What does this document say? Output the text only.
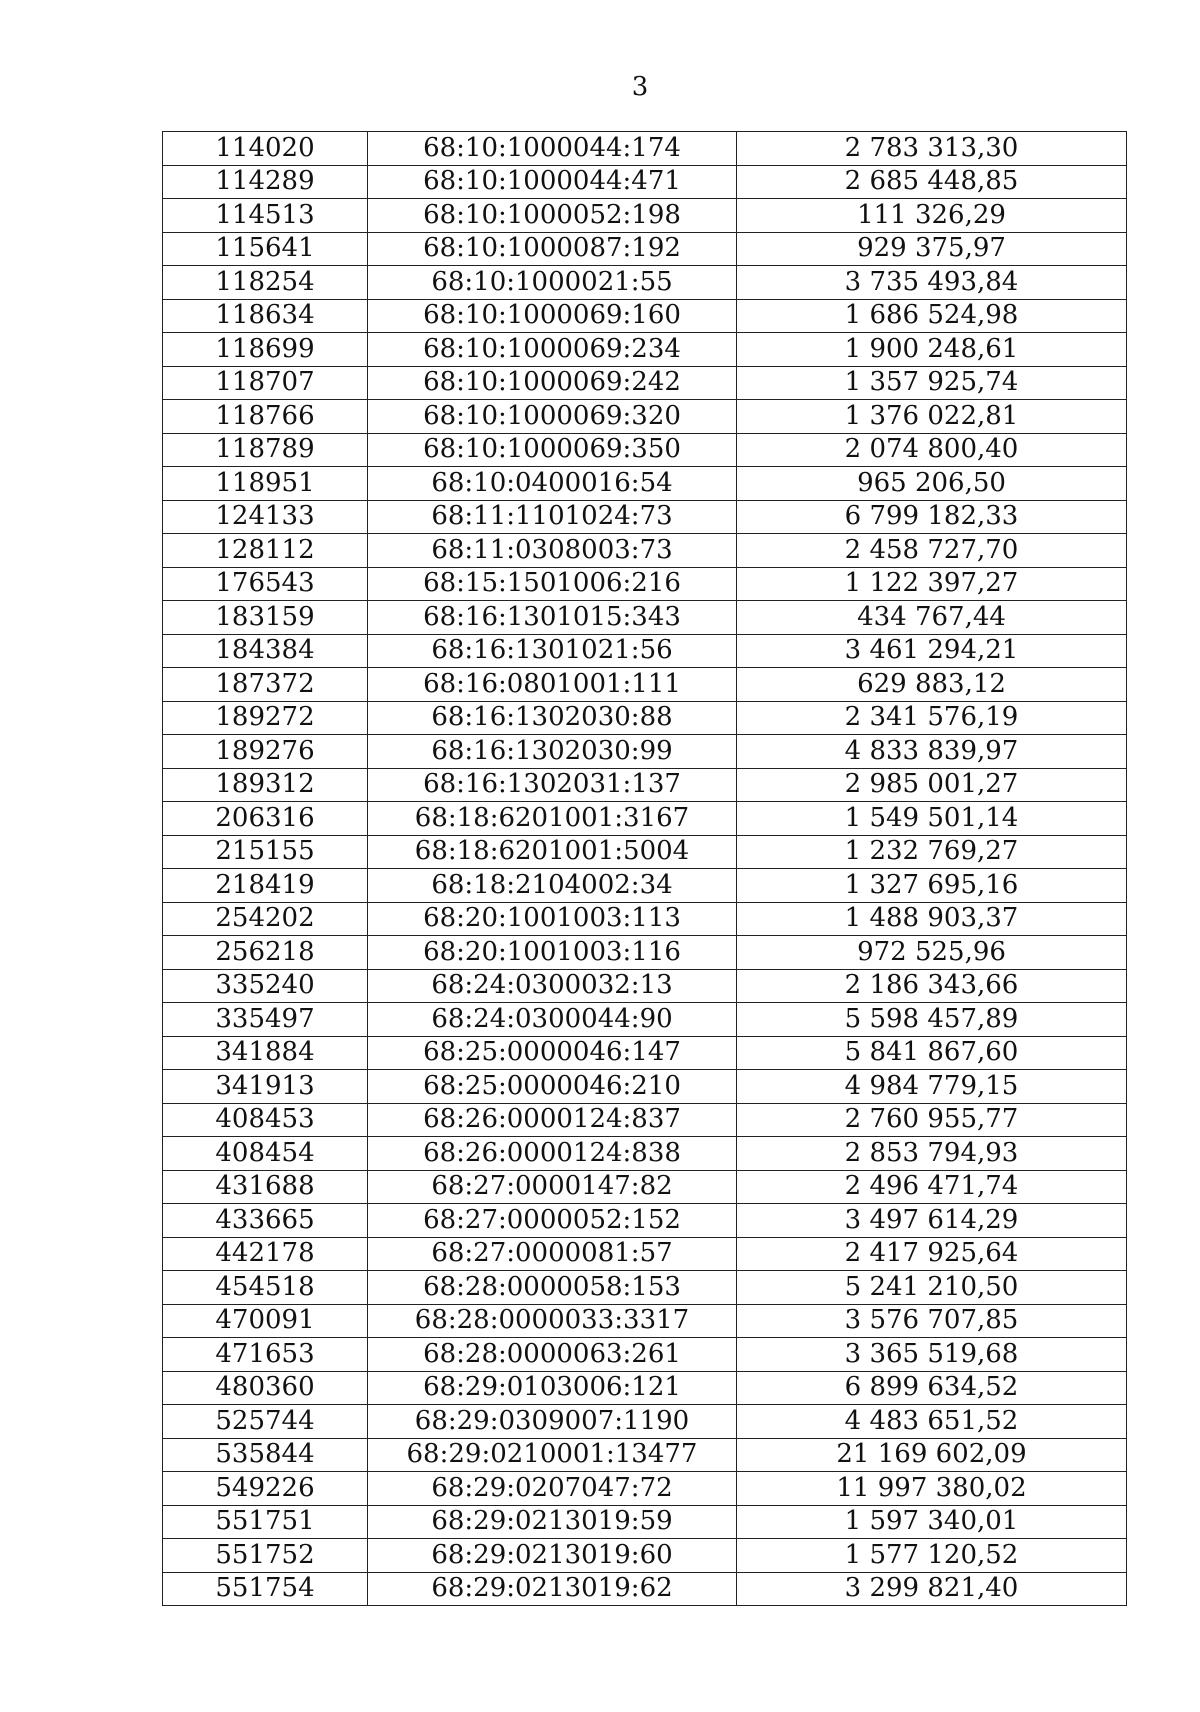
3
114020	68:10:1000044:174	2 783 313,30
114289	68:10:1000044:471	2 685 448,85
114513	68:10:1000052:198	111 326,29
115641	68:10:1000087:192	929 375,97
118254	68:10:1000021:55	3 735 493,84
118634	68:10:1000069:160	1 686 524,98
118699	68:10:1000069:234	1 900 248,61
118707	68:10:1000069:242	1 357 925,74
118766	68:10:1000069:320	1 376 022,81
118789	68:10:1000069:350	2 074 800,40
118951	68:10:0400016:54	965 206,50
124133	68:11:1101024:73	6 799 182,33
128112	68:11:0308003:73	2 458 727,70
176543	68:15:1501006:216	1 122 397,27
183159	68:16:1301015:343	434 767,44
184384	68:16:1301021:56	3 461 294,21
187372	68:16:0801001:111	629 883,12
189272	68:16:1302030:88	2 341 576,19
189276	68:16:1302030:99	4 833 839,97
189312	68:16:1302031:137	2 985 001,27
206316	68:18:6201001:3167	1 549 501,14
215155	68:18:6201001:5004	1 232 769,27
218419	68:18:2104002:34	1 327 695,16
254202	68:20:1001003:113	1 488 903,37
256218	68:20:1001003:116	972 525,96
335240	68:24:0300032:13	2 186 343,66
335497	68:24:0300044:90	5 598 457,89
341884	68:25:0000046:147	5 841 867,60
341913	68:25:0000046:210	4 984 779,15
408453	68:26:0000124:837	2 760 955,77
408454	68:26:0000124:838	2 853 794,93
431688	68:27:0000147:82	2 496 471,74
433665	68:27:0000052:152	3 497 614,29
442178	68:27:0000081:57	2 417 925,64
454518	68:28:0000058:153	5 241 210,50
470091	68:28:0000033:3317	3 576 707,85
471653	68:28:0000063:261	3 365 519,68
480360	68:29:0103006:121	6 899 634,52
525744	68:29:0309007:1190	4 483 651,52
535844	68:29:0210001:13477	21 169 602,09
549226	68:29:0207047:72	11 997 380,02
551751	68:29:0213019:59	1 597 340,01
551752	68:29:0213019:60	1 577 120,52
551754	68:29:0213019:62	3 299 821,40
